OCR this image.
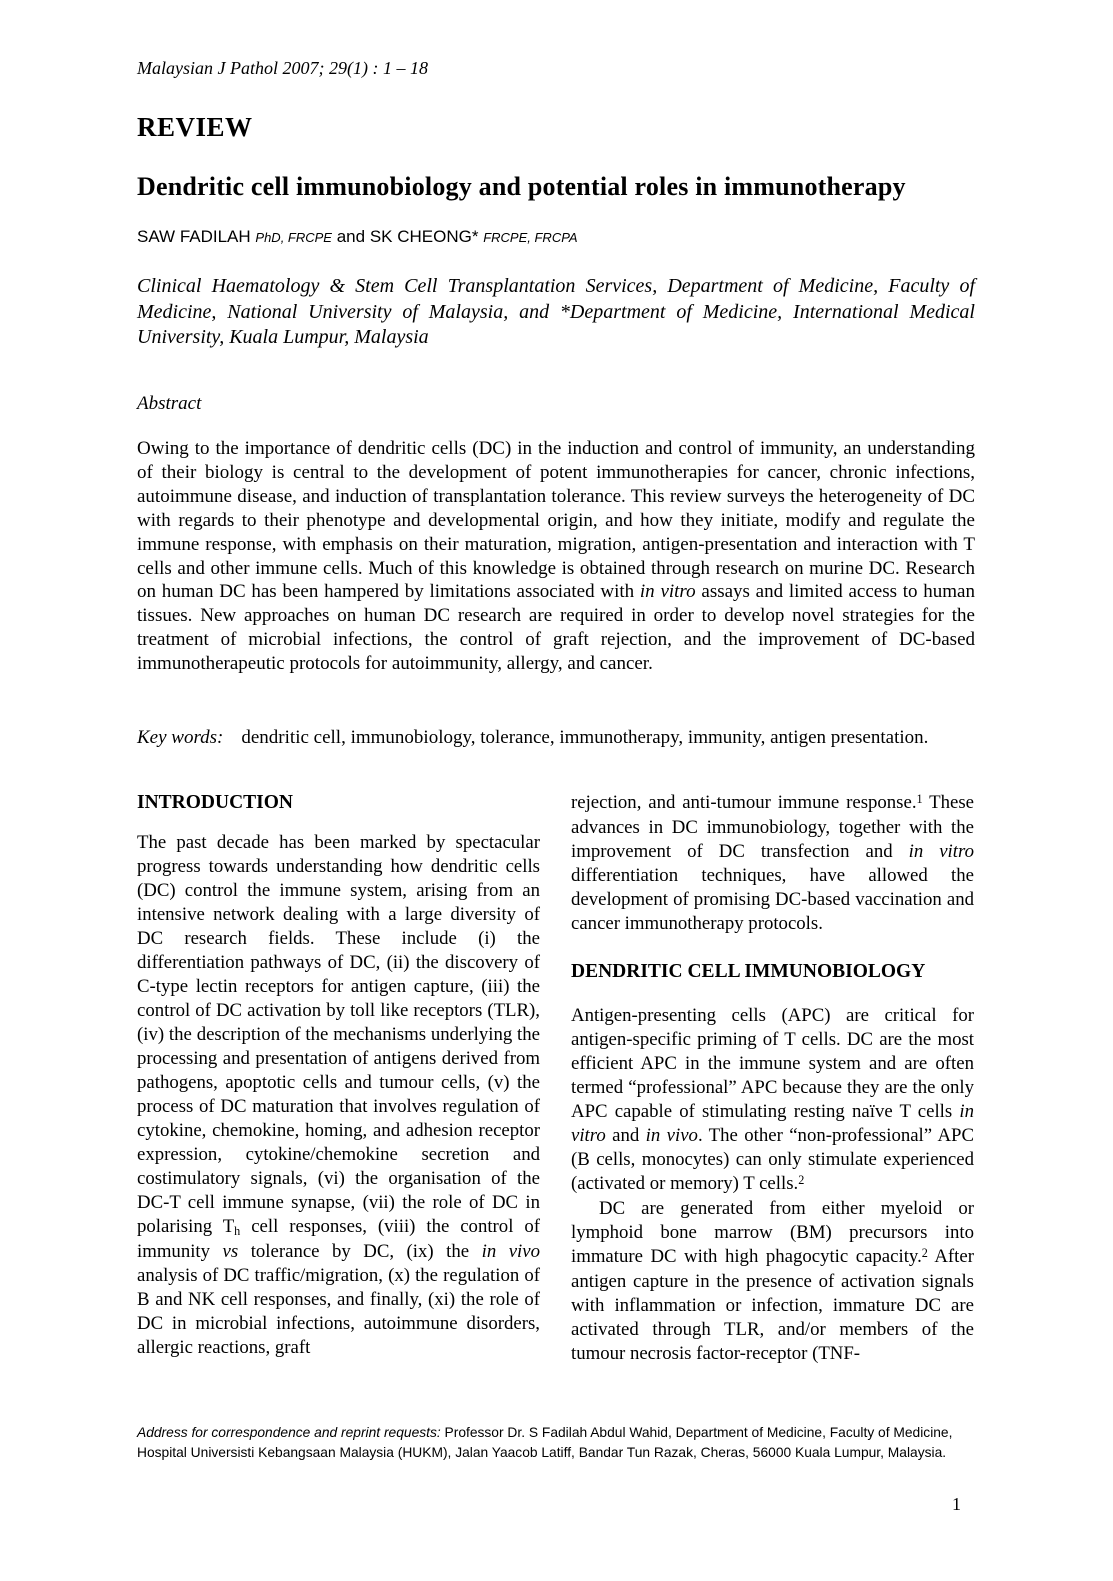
Malaysian J Pathol 2007; 29(1) : 1 – 18
REVIEW
Dendritic cell immunobiology and potential roles in immunotherapy
SAW FADILAH PhD, FRCPE and SK CHEONG* FRCPE, FRCPA
Clinical Haematology & Stem Cell Transplantation Services, Department of Medicine, Faculty of Medicine, National University of Malaysia, and *Department of Medicine, International Medical University, Kuala Lumpur, Malaysia
Abstract
Owing to the importance of dendritic cells (DC) in the induction and control of immunity, an understanding of their biology is central to the development of potent immunotherapies for cancer, chronic infections, autoimmune disease, and induction of transplantation tolerance. This review surveys the heterogeneity of DC with regards to their phenotype and developmental origin, and how they initiate, modify and regulate the immune response, with emphasis on their maturation, migration, antigen-presentation and interaction with T cells and other immune cells. Much of this knowledge is obtained through research on murine DC. Research on human DC has been hampered by limitations associated with in vitro assays and limited access to human tissues. New approaches on human DC research are required in order to develop novel strategies for the treatment of microbial infections, the control of graft rejection, and the improvement of DC-based immunotherapeutic protocols for autoimmunity, allergy, and cancer.
Key words: dendritic cell, immunobiology, tolerance, immunotherapy, immunity, antigen presentation.
INTRODUCTION

The past decade has been marked by spectacular progress towards understanding how dendritic cells (DC) control the immune system, arising from an intensive network dealing with a large diversity of DC research fields. These include (i) the differentiation pathways of DC, (ii) the discovery of C-type lectin receptors for antigen capture, (iii) the control of DC activation by toll like receptors (TLR), (iv) the description of the mechanisms underlying the processing and presentation of antigens derived from pathogens, apoptotic cells and tumour cells, (v) the process of DC maturation that involves regulation of cytokine, chemokine, homing, and adhesion receptor expression, cytokine/chemokine secretion and costimulatory signals, (vi) the organisation of the DC-T cell immune synapse, (vii) the role of DC in polarising Th cell responses, (viii) the control of immunity vs tolerance by DC, (ix) the in vivo analysis of DC traffic/migration, (x) the regulation of B and NK cell responses, and finally, (xi) the role of DC in microbial infections, autoimmune disorders, allergic reactions, graft

rejection, and anti-tumour immune response.$^1$ These advances in DC immunobiology, together with the improvement of DC transfection and in vitro differentiation techniques, have allowed the development of promising DC-based vaccination and cancer immunotherapy protocols.

DENDRITIC CELL IMMUNOBIOLOGY

Antigen-presenting cells (APC) are critical for antigen-specific priming of T cells. DC are the most efficient APC in the immune system and are often termed “professional” APC because they are the only APC capable of stimulating resting naïve T cells in vitro and in vivo. The other “non-professional” APC (B cells, monocytes) can only stimulate experienced (activated or memory) T cells.$^2$

DC are generated from either myeloid or lymphoid bone marrow (BM) precursors into immature DC with high phagocytic capacity.$^2$ After antigen capture in the presence of activation signals with inflammation or infection, immature DC are activated through TLR, and/or members of the tumour necrosis factor-receptor (TNF-

Address for correspondence and reprint requests: Professor Dr. S Fadilah Abdul Wahid, Department of Medicine, Faculty of Medicine, Hospital Universisti Kebangsaan Malaysia (HUKM), Jalan Yaacob Latiff, Bandar Tun Razak, Cheras, 56000 Kuala Lumpur, Malaysia.
1
